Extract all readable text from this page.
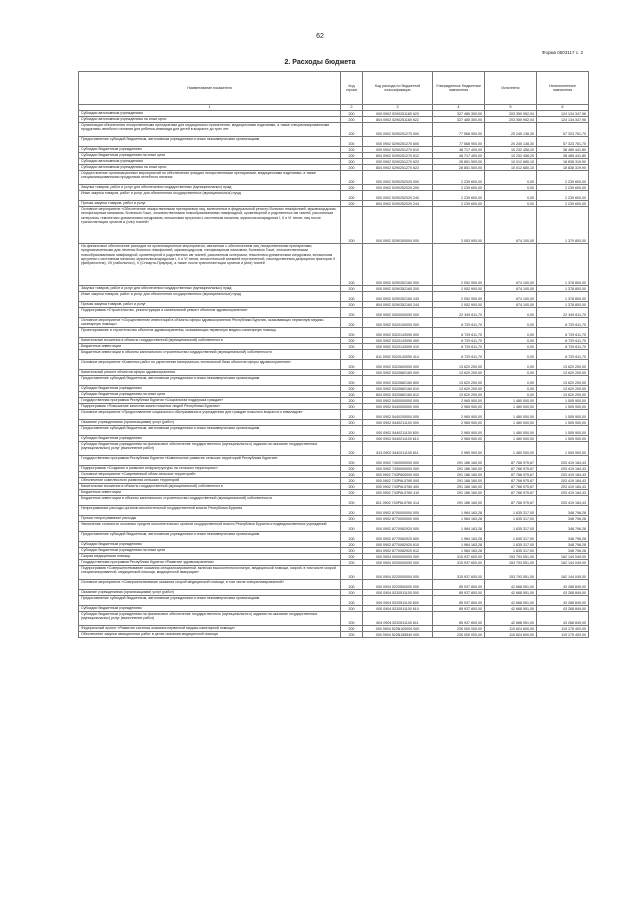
62
Форма 0503117 с. 2
2. Расходы бюджета
Наименование показателя	Код строки	Код расхода по бюджетной классификации	Утвержденные бюджетные назначения	Исполнено	Неисполненные назначения
1	2	3	4	5	6
Субсидии автономным учреждениям	200	000 0902 5290251180 620	327 485 300,00	203 350 952,04	124 134 347,96
Субсидии автономным учреждениям на иные цели	200	804 0902 5290251180 622	327 485 300,00	203 350 952,04	124 134 347,96
Организация обеспечения лекарственными препаратами для медицинского применения, медицинскими изделиями, а также специализированными продуктами лечебного питания для ребенка-инвалида для детей в возрасте до трех лет	200	000 0902 5290251270 000	77 568 900,00	20 245 138,30	57 323 761,70
Предоставление субсидий бюджетным, автономным учреждениям и иным некоммерческим организациям	200	000 0902 5290251270 600	77 568 900,00	20 245 138,30	57 323 761,70
Субсидии бюджетным учреждениям	200	000 0902 5290251270 610	48 717 400,00	10 232 458,20	38 485 441,80
Субсидии бюджетным учреждениям на иные цели	200	804 0902 5290251270 612	48 717 400,00	10 232 458,20	38 485 441,80
Субсидии автономным учреждениям	200	000 0902 5290251270 620	28 851 500,00	10 012 680,10	18 838 319,90
Субсидии автономным учреждениям на иные цели	200	804 0902 5290251270 622	28 851 500,00	10 012 680,10	18 838 319,90
Осуществление организационных мероприятий по обеспечению граждан лекарственными препаратами, медицинскими изделиями, а также специализированными продуктами лечебного питания	200	000 0902 5290252020 000	2 239 600,00	0,00	2 239 600,00
Закупка товаров, работ и услуг для обеспечения государственных (муниципальных) нужд	200	000 0902 5290252020 200	2 239 600,00	0,00	2 239 600,00
Иные закупки товаров, работ и услуг для обеспечения государственных (муниципальных) нужд	200	000 0902 5290252020 240	2 239 600,00	0,00	2 239 600,00
Прочая закупка товаров, работ и услуг	200	804 0902 5290252020 244	2 239 600,00	0,00	2 239 600,00
Основное мероприятие «Обеспечение лекарственными препаратами лиц, включенных в федеральный регистр больных гемофилией, муковисцидозом, гипофизарным нанизмом, болезнью Гоше, злокачественными новообразованиями лимфоидной, кроветворной и родственных им тканей, рассеянным склерозом, гемолитико-уремическим синдромом, юношеским артритом с системным началом, мукополисахаридозом I, II и VI типов, лиц после трансплантации органов и (или) тканей»	200	000 0902 5290300000 000	3 053 900,00	674 100,00	1 379 800,00
На финансовое обеспечение расходов на организационные мероприятия, связанные с обеспечением лиц лекарственными препаратами, предназначенными для лечения больных гемофилией, муковисцидозом, гипофизарным нанизмом, болезнью Гоше, злокачественными новообразованиями лимфоидной, кроветворной и родственных им тканей, рассеянным склерозом, гемолитико-уремическим синдромом, юношеским артритом с системным началом, мукополисахаридозом I, II и VI типов, апластической анемией неуточненной, наследственным дефицитом факторов II (фибриногена), VII (лабильного), X (Стюарта-Прауэра), а также после трансплантации органов и (или) тканей	200	000 0902 5290352160 000	2 052 900,00	674 100,00	1 378 800,00
Закупка товаров, работ и услуг для обеспечения государственных (муниципальных) нужд	200	000 0902 5290352160 200	2 052 900,00	674 100,00	1 378 800,00
Иные закупки товаров, работ и услуг для обеспечения государственных (муниципальных) нужд	200	000 0902 5290352160 240	2 052 900,00	674 100,00	1 378 800,00
Прочая закупка товаров, работ и услуг	200	804 0902 5290352160 244	2 052 900,00	674 100,00	1 378 800,00
Подпрограмма «Строительство, реконструкция и капитальный ремонт объектов здравоохранения»	200	000 0902 5300000000 000	22 349 611,70	0,00	22 349 611,70
Основное мероприятие «Осуществление инвестиций в объекты сферы здравоохранения Республики Бурятия, оказывающих первичную медико-санитарную помощь»	200	000 0902 5320100000 000	8 729 611,70	0,00	8 729 611,70
Проектирование и строительство объектов здравоохранения, оказывающих первичную медико-санитарную помощь	200	000 0902 5320143090 000	8 729 611,70	0,00	8 729 611,70
Капитальные вложения в объекты государственной (муниципальной) собственности	200	000 0902 5320143090 400	8 729 611,70	0,00	8 729 611,70
Бюджетные инвестиции	200	000 0902 5320143090 410	8 729 611,70	0,00	8 729 611,70
Бюджетные инвестиции в объекты капитального строительства государственной (муниципальной) собственности	200	811 0902 5320143090 414	8 729 611,70	0,00	8 729 611,70
Основное мероприятие «Комплекс работ по укреплению материально-технической базы объектов сферы здравоохранения»	200	000 0902 5320600000 000	13 620 200,00	0,00	13 620 200,00
Капитальный ремонт объектов сферы здравоохранения	200	000 0902 5320682160 000	13 620 200,00	0,00	13 620 200,00
Предоставление субсидий бюджетным, автономным учреждениям и иным некоммерческим организациям	200	000 0902 5320682160 600	13 620 200,00	0,00	13 620 200,00
Субсидии бюджетным учреждениям	200	000 0902 5320682160 610	13 620 200,00	0,00	13 620 200,00
Субсидии бюджетным учреждениям на иные цели	200	804 0902 5320682160 612	13 620 200,00	0,00	13 620 200,00
Государственная программа Республики Бурятия «Социальная поддержка граждан»	200	000 0902 5400000000 000	2 965 900,00	1 480 000,00	1 505 900,00
Подпрограмма «Повышение качества жизни пожилых людей Республики Бурятия»	200	000 0902 5440000000 000	2 965 900,00	1 480 000,00	1 505 900,00
Основное мероприятие «Предоставление социального обслуживания в учреждениях для граждан пожилого возраста и инвалидов»	200	000 0902 5440200000 000	2 965 900,00	1 480 000,00	1 505 900,00
Оказание учреждениями (организациями) услуг (работ)	200	000 0902 5440211100 000	2 965 900,00	1 480 000,00	1 505 900,00
Предоставление субсидий бюджетным, автономным учреждениям и иным некоммерческим организациям	200	000 0902 5440211100 600	2 965 900,00	1 480 000,00	1 505 900,00
Субсидии бюджетным учреждениям	200	000 0902 5440211100 610	2 965 900,00	1 480 000,00	1 505 900,00
Субсидии бюджетным учреждениям на финансовое обеспечение государственного (муниципального) задания на оказание государственных (муниципальных) услуг (выполнение работ)	200	813 0902 5440211100 611	2 965 900,00	1 480 000,00	1 505 900,00
Государственная программа Республики Бурятия «Комплексное развитие сельских территорий Республики Бурятия»	200	000 0902 7400000000 000	291 186 160,00	87 766 975,67	203 419 184,43
Подпрограмма «Создание и развитие инфраструктуры на сельских территориях»	200	000 0902 7430000000 000	291 186 160,00	87 766 975,67	203 419 184,43
Основное мероприятие «Современный облик сельских территорий»	200	000 0902 743Р600000 000	291 186 160,00	87 766 975,67	203 419 184,43
Обеспечение комплексного развития сельских территорий	200	000 0902 743Р6L5760 000	291 186 160,00	87 766 975,67	203 419 184,43
Капитальные вложения в объекты государственной (муниципальной) собственности	200	000 0902 743Р6L5760 400	291 186 160,00	87 766 975,67	203 419 184,43
Бюджетные инвестиции	200	000 0902 743Р6L5760 410	291 186 160,00	87 766 975,67	203 419 184,43
Бюджетные инвестиции в объекты капитального строительства государственной (муниципальной) собственности	200	811 0902 743Р6L5760 414	291 186 160,00	87 766 975,67	203 419 184,43
Непрограммные расходы органов исполнительной государственной власти Республики Бурятия	200	000 0902 8700000000 000	1 984 163,28	1 635 317,00	348 796,28
Прочие непрограммные расходы	200	000 0902 8770000000 000	1 984 163,28	1 635 317,00	348 796,28
Увеличение стоимости основных средств исполнительных органов государственной власти Республики Бурятия и подведомственных учреждений	200	000 0902 8770082920 000	1 984 163,28	1 635 317,00	348 796,28
Предоставление субсидий бюджетным, автономным учреждениям и иным некоммерческим организациям	200	000 0902 8770082920 600	1 984 163,28	1 635 317,00	348 796,28
Субсидии бюджетным учреждениям	200	000 0902 8770082920 610	1 984 163,28	1 635 317,00	348 796,28
Субсидии бюджетным учреждениям на иные цели	200	804 0902 8770082920 612	1 984 163,28	1 635 317,00	348 796,28
Скорая медицинская помощь	200	000 0904 0000000000 000	315 937 600,00	153 793 551,00	162 144 049,00
Государственная программа Республики Бурятия «Развитие здравоохранения»	200	000 0904 5200000000 000	315 937 600,00	153 793 551,00	162 144 049,00
Подпрограмма «Совершенствование оказания специализированной, включая высокотехнологичную, медицинской помощи, скорой, в том числе скорой специализированной, медицинской помощи, медицинской эвакуации»	200	000 0904 5220000000 000	315 937 600,00	153 793 551,00	162 144 049,00
Основное мероприятие «Совершенствование оказания скорой медицинской помощи, в том числе специализированной»	200	000 0904 5220500000 000	85 937 800,00	42 668 951,00	43 268 849,00
Оказание учреждениями (организациями) услуг (работ)	200	000 0904 5220511100 000	85 937 800,00	42 668 951,00	43 268 849,00
Предоставление субсидий бюджетным, автономным учреждениям и иным некоммерческим организациям	200	000 0904 5220511100 600	85 937 800,00	42 668 951,00	43 268 849,00
Субсидии бюджетным учреждениям	200	000 0904 5220511100 610	85 937 800,00	42 668 951,00	43 268 849,00
Субсидии бюджетным учреждениям на финансовое обеспечение государственного (муниципального) задания на оказание государственных (муниципальных) услуг (выполнение работ)	200	804 0904 5220511100 611	85 937 800,00	42 668 951,00	43 268 849,00
Федеральный проект «Развитие системы оказания первичной медико-санитарной помощи»	200	000 0904 522N100000 000	230 000 000,00	110 824 600,00	119 175 400,00
Обеспечение закупки авиационных работ в целях оказания медицинской помощи	200	000 0904 522N155540 000	230 000 000,00	110 824 600,00	119 175 400,00
